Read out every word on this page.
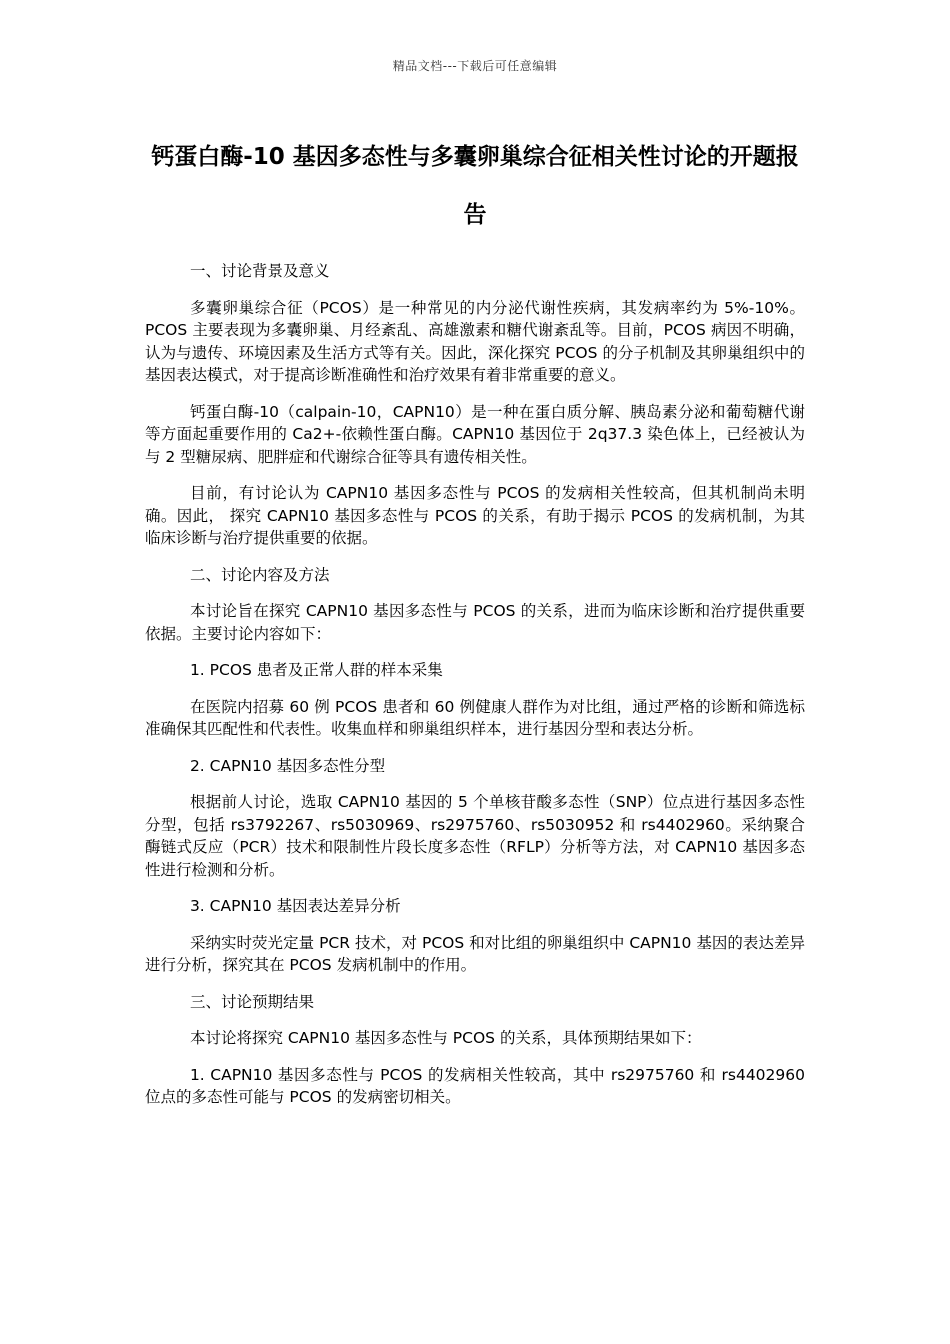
精品文档---下载后可任意编辑
钙蛋白酶-10 基因多态性与多囊卵巢综合征相关性讨论的开题报告

一、讨论背景及意义

多囊卵巢综合征（PCOS）是一种常见的内分泌代谢性疾病，其发病率约为 5%-10%。PCOS 主要表现为多囊卵巢、月经紊乱、高雄激素和糖代谢紊乱等。目前，PCOS 病因不明确，认为与遗传、环境因素及生活方式等有关。因此，深化探究 PCOS 的分子机制及其卵巢组织中的基因表达模式，对于提高诊断准确性和治疗效果有着非常重要的意义。

钙蛋白酶-10（calpain-10，CAPN10）是一种在蛋白质分解、胰岛素分泌和葡萄糖代谢等方面起重要作用的 Ca2+-依赖性蛋白酶。CAPN10 基因位于 2q37.3 染色体上，已经被认为与 2 型糖尿病、肥胖症和代谢综合征等具有遗传相关性。

目前，有讨论认为 CAPN10 基因多态性与 PCOS 的发病相关性较高，但其机制尚未明确。因此， 探究 CAPN10 基因多态性与 PCOS 的关系，有助于揭示 PCOS 的发病机制，为其临床诊断与治疗提供重要的依据。

二、讨论内容及方法

本讨论旨在探究 CAPN10 基因多态性与 PCOS 的关系，进而为临床诊断和治疗提供重要依据。主要讨论内容如下：

1. PCOS 患者及正常人群的样本采集

在医院内招募 60 例 PCOS 患者和 60 例健康人群作为对比组，通过严格的诊断和筛选标准确保其匹配性和代表性。收集血样和卵巢组织样本，进行基因分型和表达分析。

2. CAPN10 基因多态性分型

根据前人讨论，选取 CAPN10 基因的 5 个单核苷酸多态性（SNP）位点进行基因多态性分型，包括 rs3792267、rs5030969、rs2975760、rs5030952 和 rs4402960。采纳聚合酶链式反应（PCR）技术和限制性片段长度多态性（RFLP）分析等方法，对 CAPN10 基因多态性进行检测和分析。

3. CAPN10 基因表达差异分析

采纳实时荧光定量 PCR 技术，对 PCOS 和对比组的卵巢组织中 CAPN10 基因的表达差异进行分析，探究其在 PCOS 发病机制中的作用。

三、讨论预期结果

本讨论将探究 CAPN10 基因多态性与 PCOS 的关系，具体预期结果如下：

1. CAPN10 基因多态性与 PCOS 的发病相关性较高，其中 rs2975760 和 rs4402960 位点的多态性可能与 PCOS 的发病密切相关。
